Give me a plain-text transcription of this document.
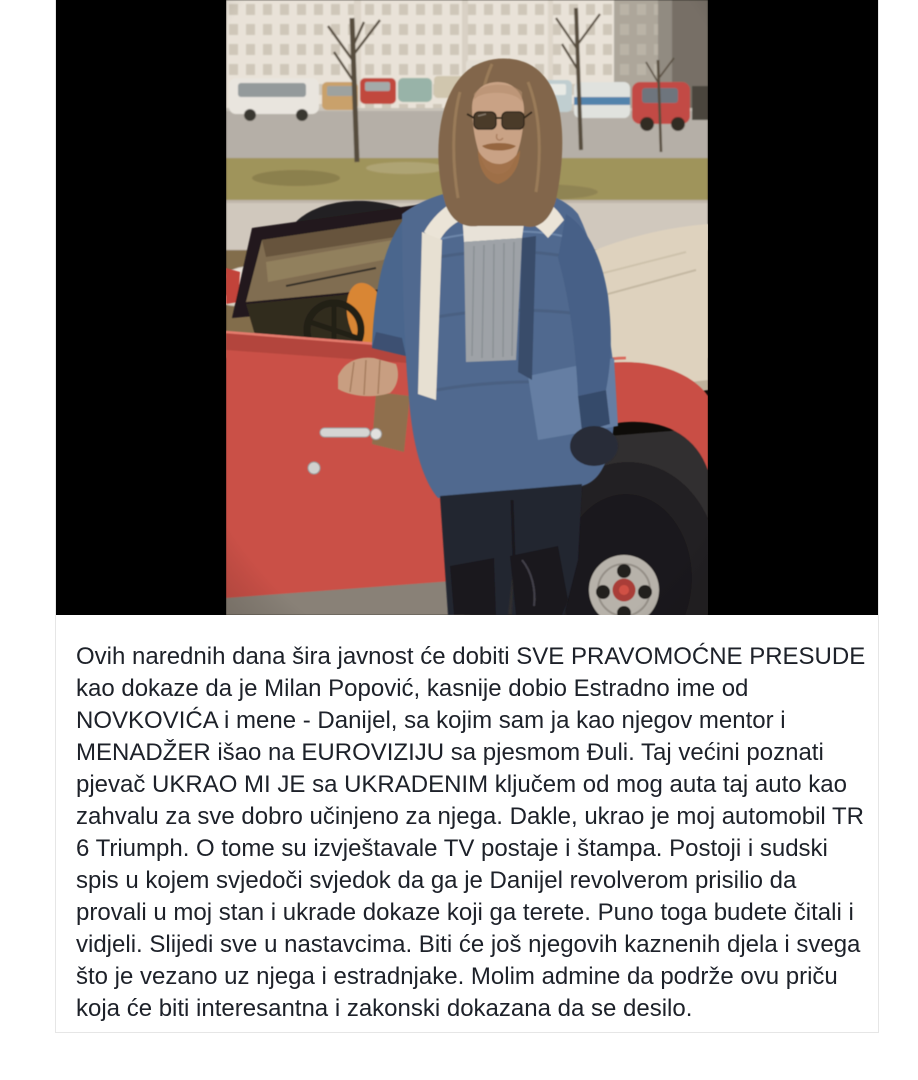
Ovih narednih dana šira javnost će dobiti SVE PRAVOMOĆNE PRESUDE kao dokaze da je Milan Popović, kasnije dobio Estradno ime od NOVKOVIĆA i mene - Danijel, sa kojim sam ja kao njegov mentor i MENADŽER išao na EUROVIZIJU sa pjesmom Đuli. Taj većini poznati pjevač UKRAO MI JE sa UKRADENIM ključem od mog auta taj auto kao zahvalu za sve dobro učinjeno za njega. Dakle, ukrao je moj automobil TR 6 Triumph. O tome su izvještavale TV postaje i štampa. Postoji i sudski spis u kojem svjedoči svjedok da ga je Danijel revolverom prisilio da provali u moj stan i ukrade dokaze koji ga terete. Puno toga budete čitali i vidjeli. Slijedi sve u nastavcima. Biti će još njegovih kaznenih djela i svega što je vezano uz njega i estradnjake. Molim admine da podrže ovu priču koja će biti interesantna i zakonski dokazana da se desilo.
